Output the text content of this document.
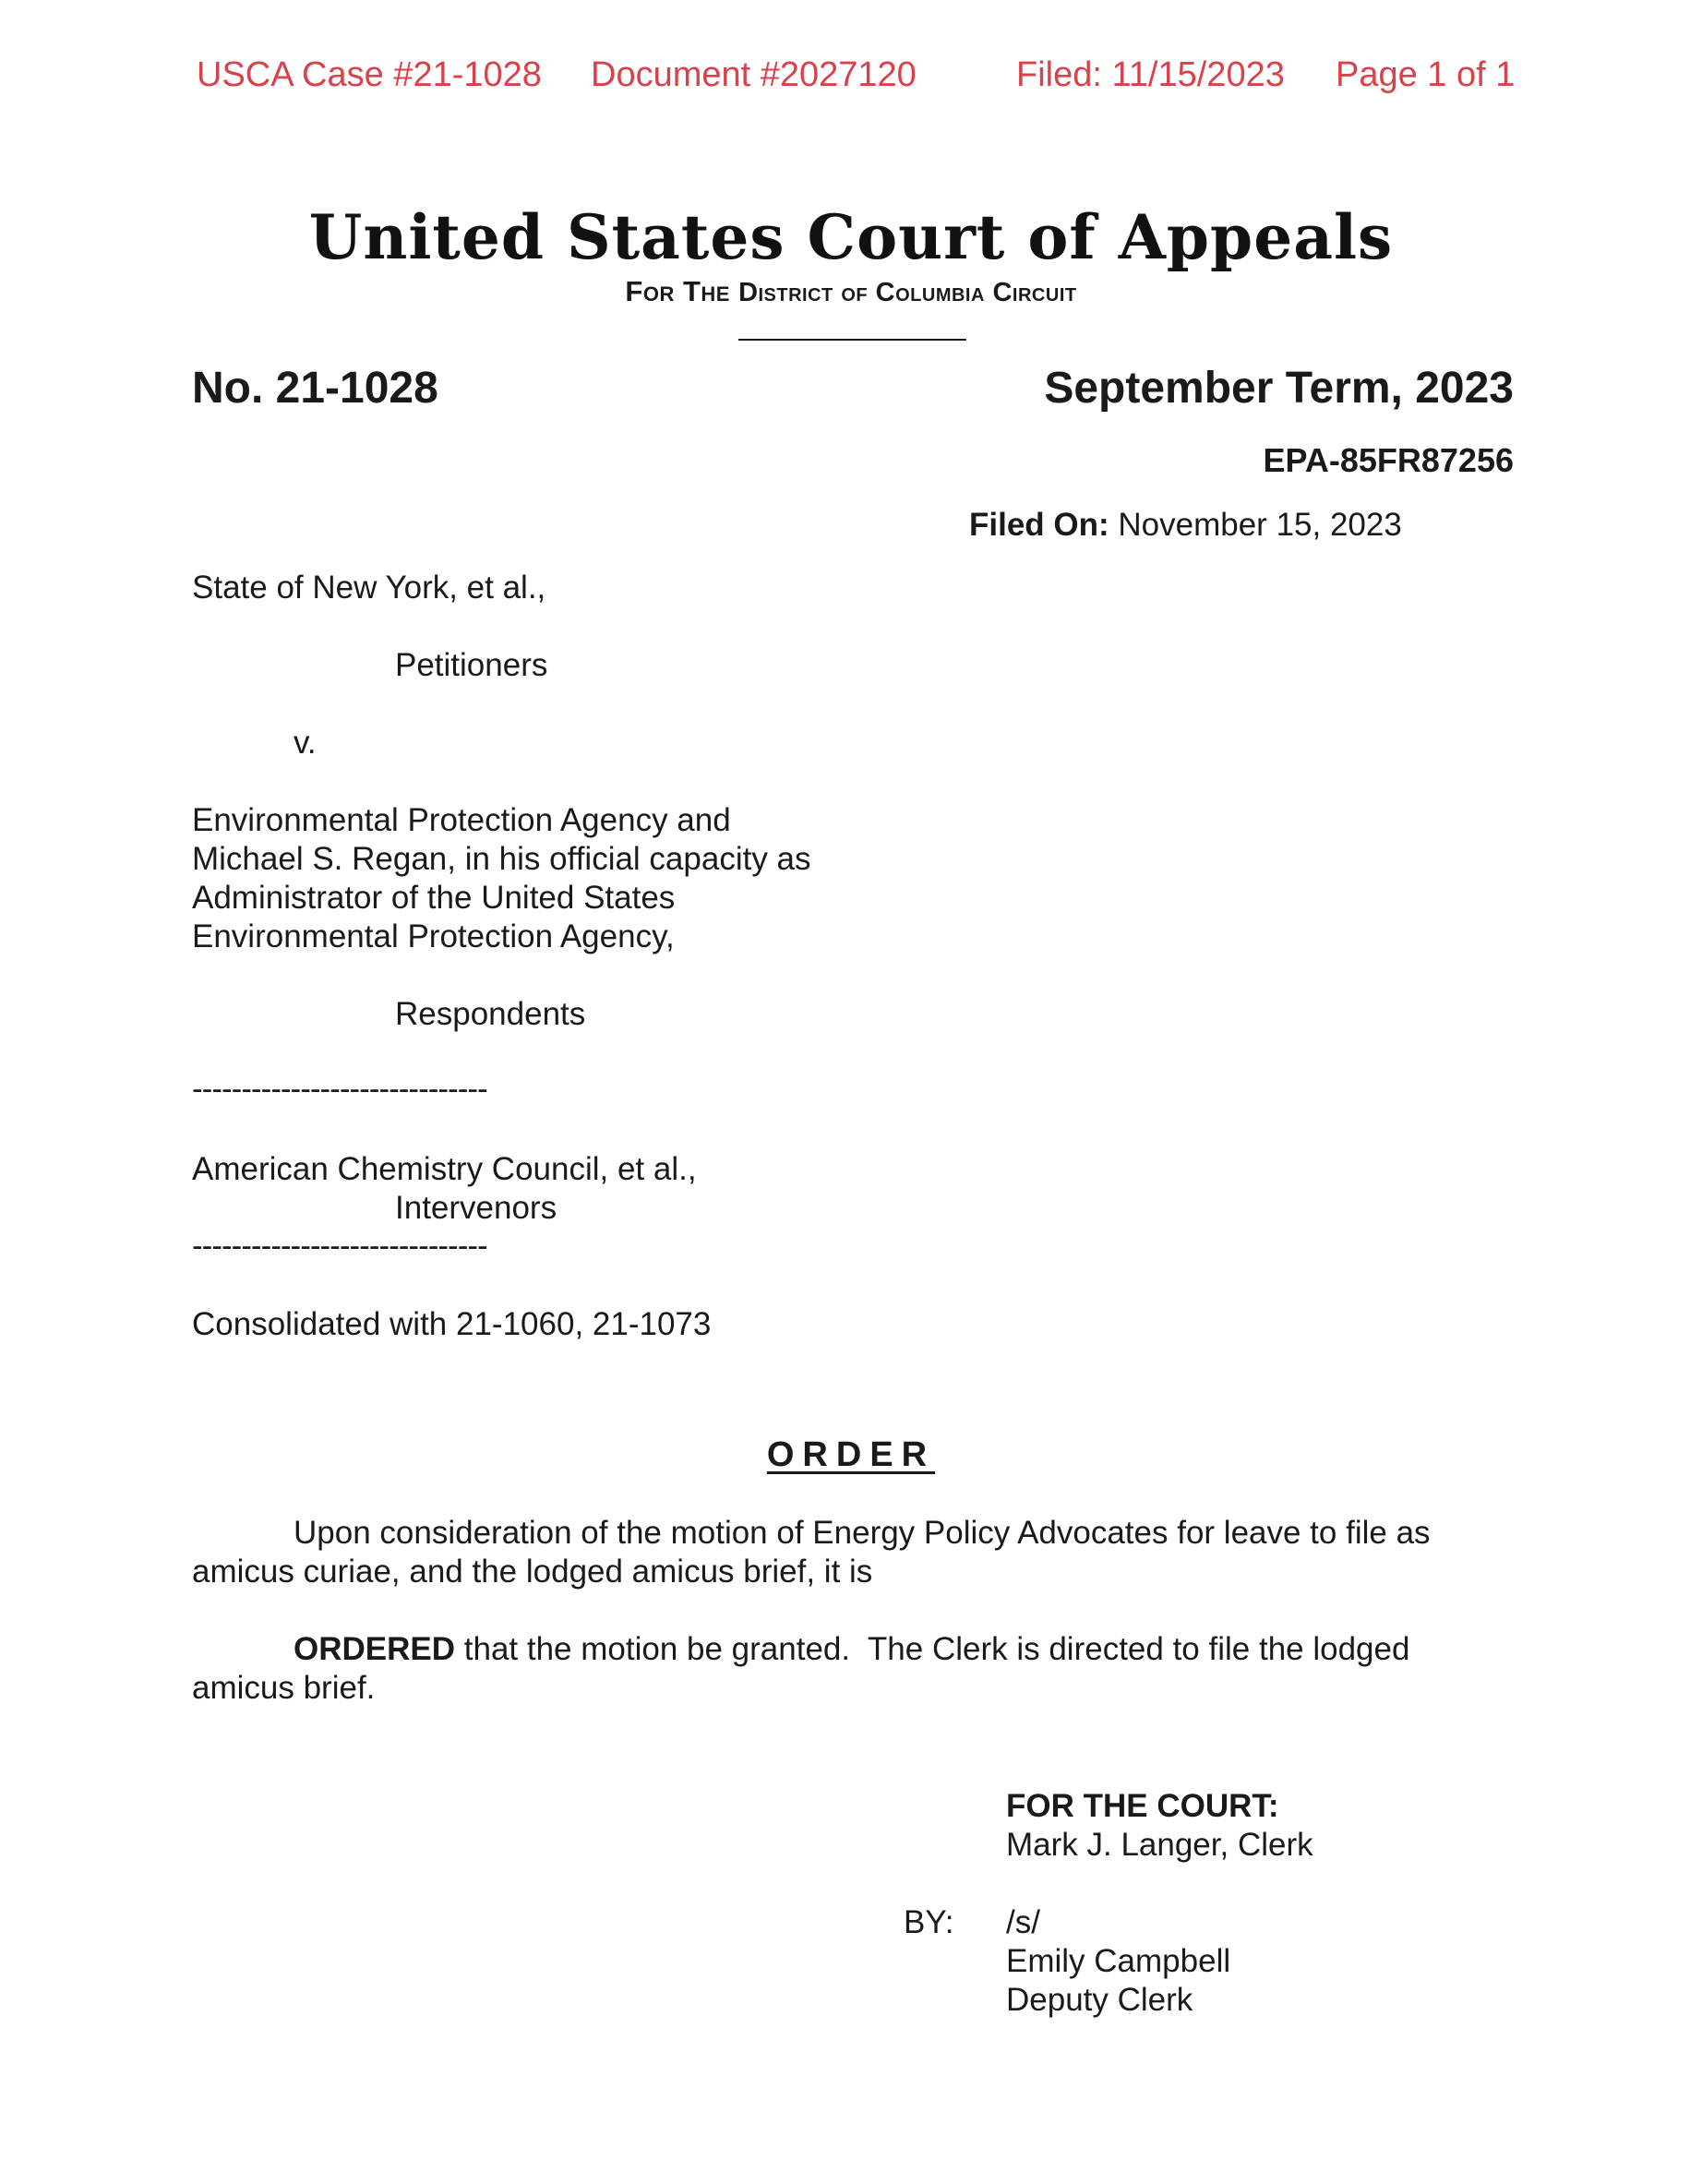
USCA Case #21-1028 Document #2027120	Filed: 11/15/2023 Page 1 of 1
United States Court of Appeals
For The District of Columbia Circuit
No. 21-1028	September Term, 2023
EPA-85FR87256
Filed On: November 15, 2023
State of New York, et al.,
Petitioners
v.
Environmental Protection Agency and
Michael S. Regan, in his official capacity as
Administrator of the United States
Environmental Protection Agency,
Respondents
------------------------------
American Chemistry Council, et al.,
Intervenors
------------------------------
Consolidated with 21-1060, 21-1073
ORDER
Upon consideration of the motion of Energy Policy Advocates for leave to file as
amicus curiae, and the lodged amicus brief, it is
ORDERED that the motion be granted.  The Clerk is directed to file the lodged
amicus brief.
FOR THE COURT:
Mark J. Langer, Clerk
BY: /s/
Emily Campbell
Deputy Clerk
